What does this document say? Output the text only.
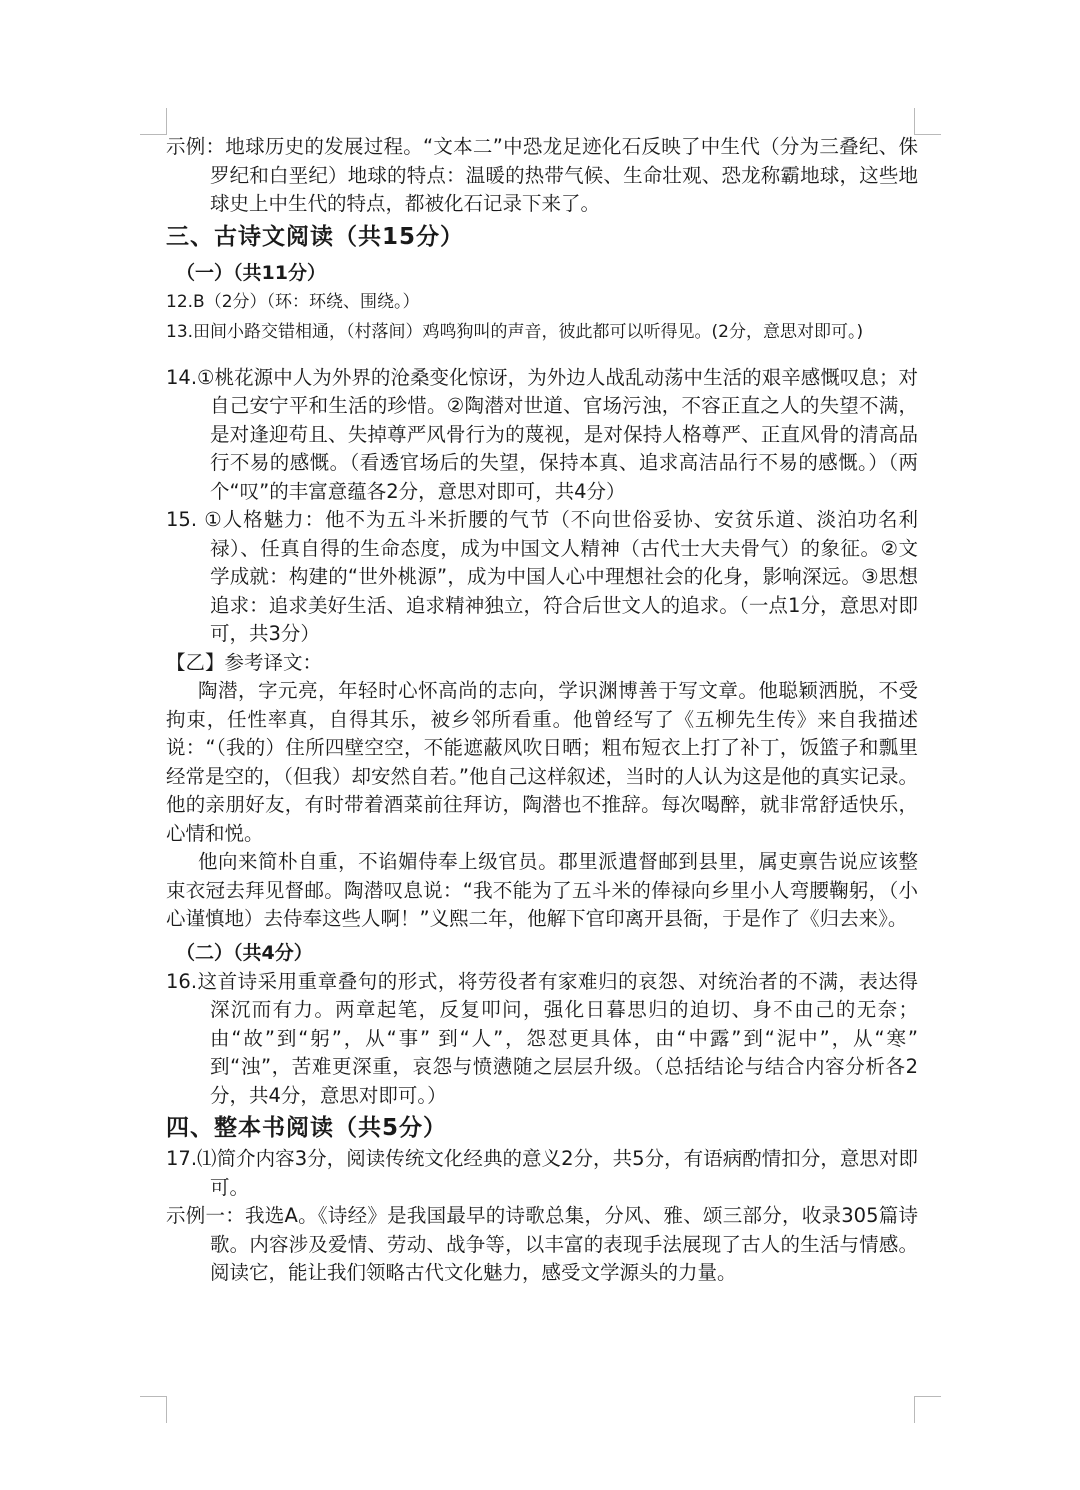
示例：地球历史的发展过程。“文本二”中恐龙足迹化石反映了中生代（分为三叠纪、侏罗纪和白垩纪）地球的特点：温暖的热带气候、生命壮观、恐龙称霸地球，这些地球史上中生代的特点，都被化石记录下来了。

三、古诗文阅读（共15分）
（一）（共11分）

12.B（2分）（环：环绕、围绕。）

13.田间小路交错相通，（村落间）鸡鸣狗叫的声音，彼此都可以听得见。(2分，意思对即可。)

14.①桃花源中人为外界的沧桑变化惊讶，为外边人战乱动荡中生活的艰辛感慨叹息；对自己安宁平和生活的珍惜。②陶潜对世道、官场污浊，不容正直之人的失望不满，是对逢迎苟且、失掉尊严风骨行为的蔑视，是对保持人格尊严、正直风骨的清高品行不易的感慨。（看透官场后的失望，保持本真、追求高洁品行不易的感慨。）（两个“叹”的丰富意蕴各2分，意思对即可，共4分）

15. ①人格魅力：他不为五斗米折腰的气节（不向世俗妥协、安贫乐道、淡泊功名利禄）、任真自得的生命态度，成为中国文人精神（古代士大夫骨气）的象征。②文学成就：构建的“世外桃源”，成为中国人心中理想社会的化身，影响深远。③思想追求：追求美好生活、追求精神独立，符合后世文人的追求。（一点1分，意思对即可，共3分）

【乙】参考译文：

陶潜，字元亮，年轻时心怀高尚的志向，学识渊博善于写文章。他聪颖洒脱，不受拘束，任性率真，自得其乐，被乡邻所看重。他曾经写了《五柳先生传》来自我描述说：“（我的）住所四壁空空，不能遮蔽风吹日晒；粗布短衣上打了补丁，饭篮子和瓢里经常是空的，（但我）却安然自若。”他自己这样叙述，当时的人认为这是他的真实记录。他的亲朋好友，有时带着酒菜前往拜访，陶潜也不推辞。每次喝醉，就非常舒适快乐，心情和悦。

他向来简朴自重，不谄媚侍奉上级官员。郡里派遣督邮到县里，属吏禀告说应该整束衣冠去拜见督邮。陶潜叹息说：“我不能为了五斗米的俸禄向乡里小人弯腰鞠躬，（小心谨慎地）去侍奉这些人啊！”义熙二年，他解下官印离开县衙，于是作了《归去来》。

（二）（共4分）

16.这首诗采用重章叠句的形式，将劳役者有家难归的哀怨、对统治者的不满，表达得深沉而有力。两章起笔，反复叩问，强化日暮思归的迫切、身不由己的无奈；由“故”到“躬”，从“事” 到“人”，怨怼更具体，由“中露”到“泥中”，从“寒” 到“浊”，苦难更深重，哀怨与愤懑随之层层升级。（总括结论与结合内容分析各2分，共4分，意思对即可。）

四、整本书阅读（共5分）

17.⑴简介内容3分，阅读传统文化经典的意义2分，共5分，有语病酌情扣分，意思对即可。

示例一：我选A。《诗经》是我国最早的诗歌总集，分风、雅、颂三部分，收录305篇诗歌。内容涉及爱情、劳动、战争等，以丰富的表现手法展现了古人的生活与情感。阅读它，能让我们领略古代文化魅力，感受文学源头的力量。
